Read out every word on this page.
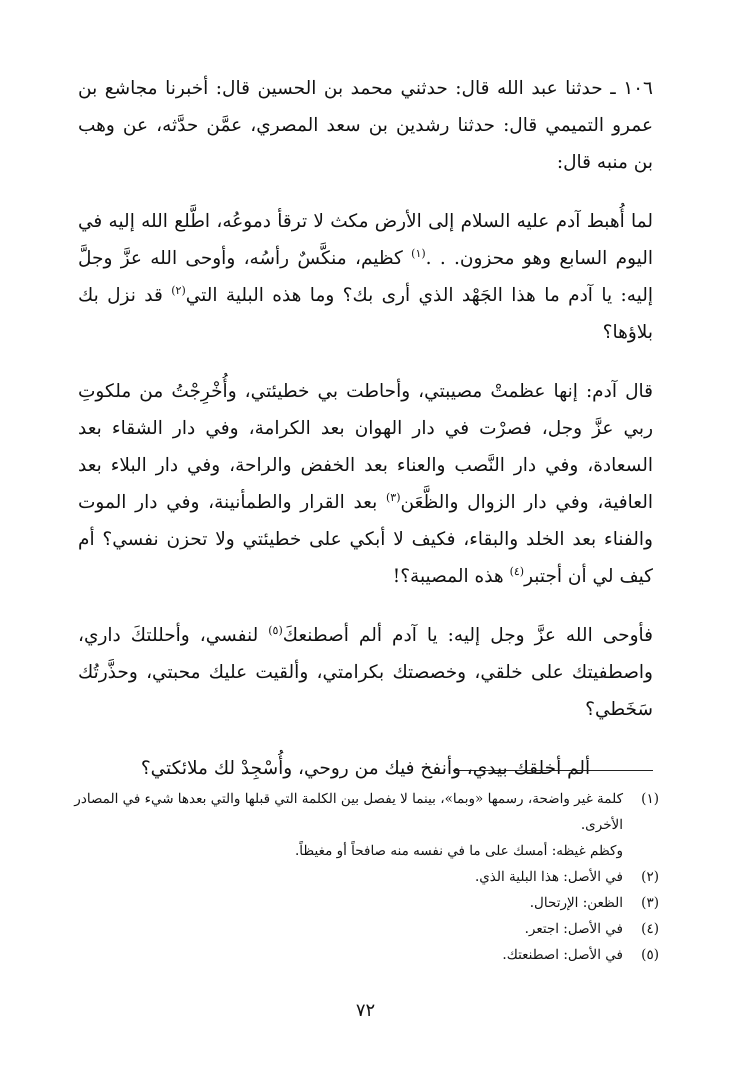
١٠٦ ـ حدثنا عبد الله قال: حدثني محمد بن الحسين قال: أخبرنا مجاشع بن عمرو التميمي قال: حدثنا رشدين بن سعد المصري، عمَّن حدَّثه، عن وهب بن منبه قال:

لما أُهبط آدم عليه السلام إلى الأرض مكث لا ترقأ دموعُه، اطَّلع الله إليه في اليوم السابع وهو محزون. . .$^{(١)}$ كظيم، منكَّسٌ رأسُه، وأوحى الله عزَّ وجلَّ إليه: يا آدم ما هذا الجَهْد الذي أرى بك؟ وما هذه البلية التي$^{(٢)}$ قد نزل بك بلاؤها؟

قال آدم: إنها عظمتْ مصيبتي، وأحاطت بي خطيئتي، وأُخْرِجْتُ من ملكوتِ ربي عزَّ وجل، فصرْت في دار الهوان بعد الكرامة، وفي دار الشقاء بعد السعادة، وفي دار النَّصب والعناء بعد الخفض والراحة، وفي دار البلاء بعد العافية، وفي دار الزوال والظَّعَن$^{(٣)}$ بعد القرار والطمأنينة، وفي دار الموت والفناء بعد الخلد والبقاء، فكيف لا أبكي على خطيئتي ولا تحزن نفسي؟ أم كيف لي أن أجتبر$^{(٤)}$ هذه المصيبة؟!

فأوحى الله عزَّ وجل إليه: يا آدم ألم أصطنعكَ$^{(٥)}$ لنفسي، وأحللتكَ داري، واصطفيتك على خلقي، وخصصتك بكرامتي، وألقيت عليك محبتي، وحذَّرتُك سَخَطي؟

ألم أخلقك بيدي، وأنفخ فيك من روحي، وأُسْجِدْ لك ملائكتي؟

(١)
كلمة غير واضحة، رسمها «وبما»، بينما لا يفصل بين الكلمة التي قبلها والتي بعدها شيء في المصادر الأخرى.
وكظم غيظه: أمسك على ما في نفسه منه صافحاً أو مغيظاً.
(٢)
في الأصل: هذا البلية الذي.
(٣)
الظعن: الإرتحال.
(٤)
في الأصل: اجتعر.
(٥)
في الأصل: اصطنعتك.
٧٢
